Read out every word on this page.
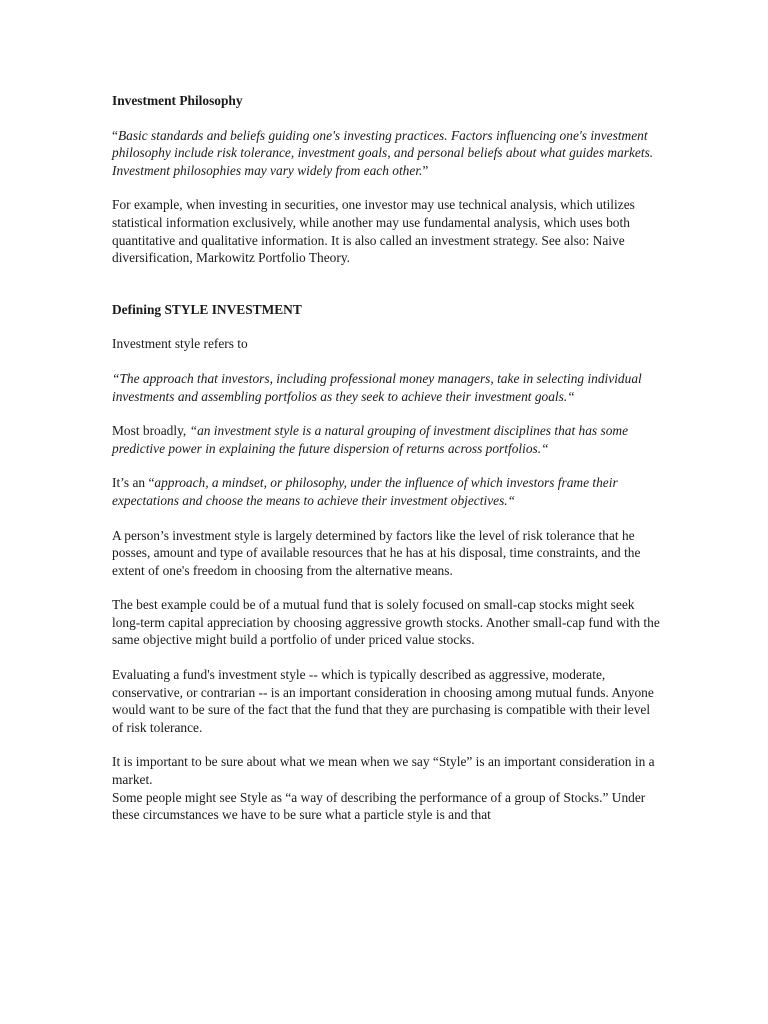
Investment Philosophy

“Basic standards and beliefs guiding one's investing practices. Factors influencing one's investment philosophy include risk tolerance, investment goals, and personal beliefs about what guides markets. Investment philosophies may vary widely from each other.”

For example, when investing in securities, one investor may use technical analysis, which utilizes statistical information exclusively, while another may use fundamental analysis, which uses both quantitative and qualitative information. It is also called an investment strategy. See also: Naive diversification, Markowitz Portfolio Theory.

Defining STYLE INVESTMENT

Investment style refers to

“The approach that investors, including professional money managers, take in selecting individual investments and assembling portfolios as they seek to achieve their investment goals.“

Most broadly, “an investment style is a natural grouping of investment disciplines that has some predictive power in explaining the future dispersion of returns across portfolios.“

It’s an “approach, a mindset, or philosophy, under the influence of which investors frame their expectations and choose the means to achieve their investment objectives.“

A person’s investment style is largely determined by factors like the level of risk tolerance that he posses, amount and type of available resources that he has at his disposal, time constraints, and the extent of one's freedom in choosing from the alternative means.

The best example could be of a mutual fund that is solely focused on small-cap stocks might seek long-term capital appreciation by choosing aggressive growth stocks. Another small-cap fund with the same objective might build a portfolio of under priced value stocks.

Evaluating a fund's investment style -- which is typically described as aggressive, moderate, conservative, or contrarian -- is an important consideration in choosing among mutual funds. Anyone would want to be sure of the fact that the fund that they are purchasing is compatible with their level of risk tolerance.

It is important to be sure about what we mean when we say “Style” is an important consideration in a market.

Some people might see Style as “a way of describing the performance of a group of Stocks.” Under these circumstances we have to be sure what a particle style is and that
